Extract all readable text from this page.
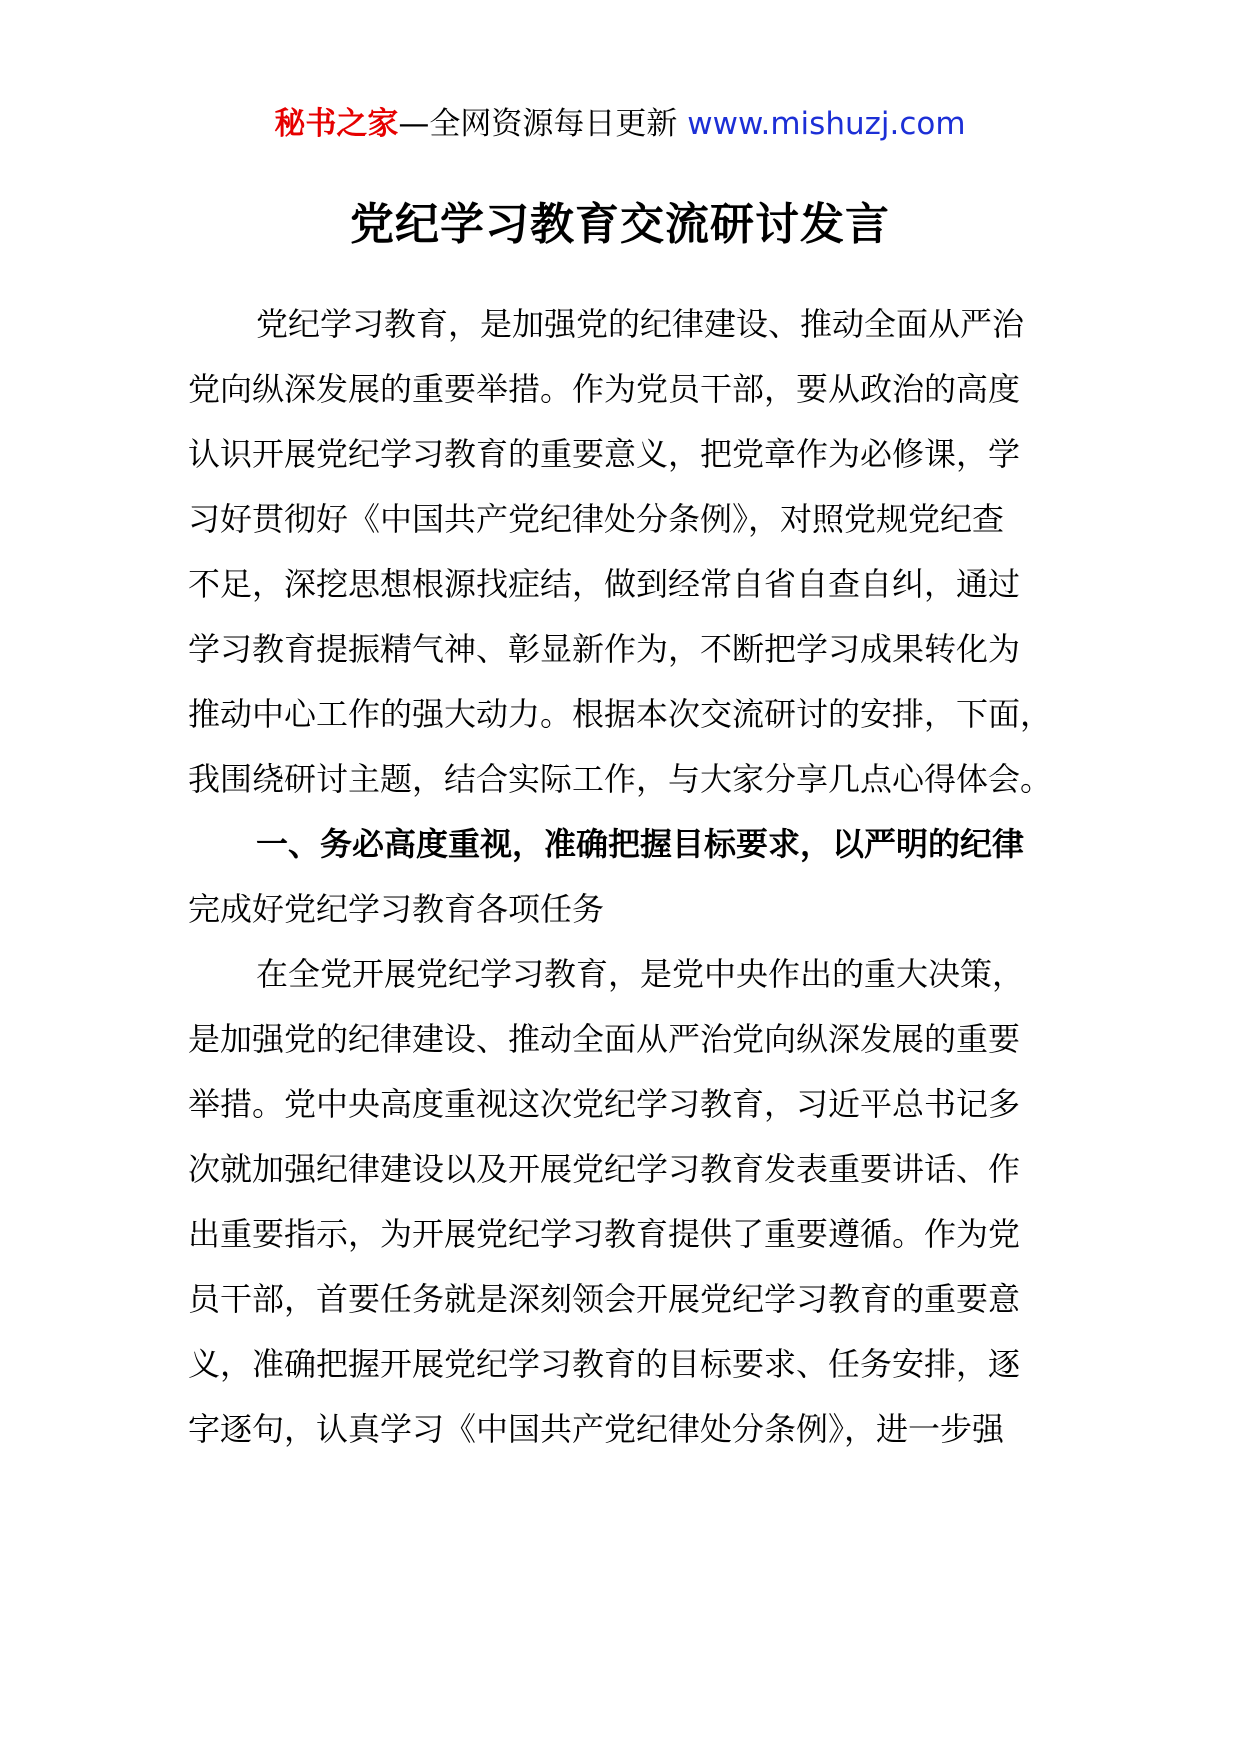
秘书之家—全网资源每日更新 www.mishuzj.com
党纪学习教育交流研讨发言
党纪学习教育，是加强党的纪律建设、推动全面从严治
党向纵深发展的重要举措。作为党员干部，要从政治的高度
认识开展党纪学习教育的重要意义，把党章作为必修课，学
习好贯彻好《中国共产党纪律处分条例》，对照党规党纪查
不足，深挖思想根源找症结，做到经常自省自查自纠，通过
学习教育提振精气神、彰显新作为，不断把学习成果转化为
推动中心工作的强大动力。根据本次交流研讨的安排，下面，
我围绕研讨主题，结合实际工作，与大家分享几点心得体会。
一、务必高度重视，准确把握目标要求，以严明的纪律
完成好党纪学习教育各项任务
在全党开展党纪学习教育，是党中央作出的重大决策，
是加强党的纪律建设、推动全面从严治党向纵深发展的重要
举措。党中央高度重视这次党纪学习教育，习近平总书记多
次就加强纪律建设以及开展党纪学习教育发表重要讲话、作
出重要指示，为开展党纪学习教育提供了重要遵循。作为党
员干部，首要任务就是深刻领会开展党纪学习教育的重要意
义，准确把握开展党纪学习教育的目标要求、任务安排，逐
字逐句，认真学习《中国共产党纪律处分条例》，进一步强
